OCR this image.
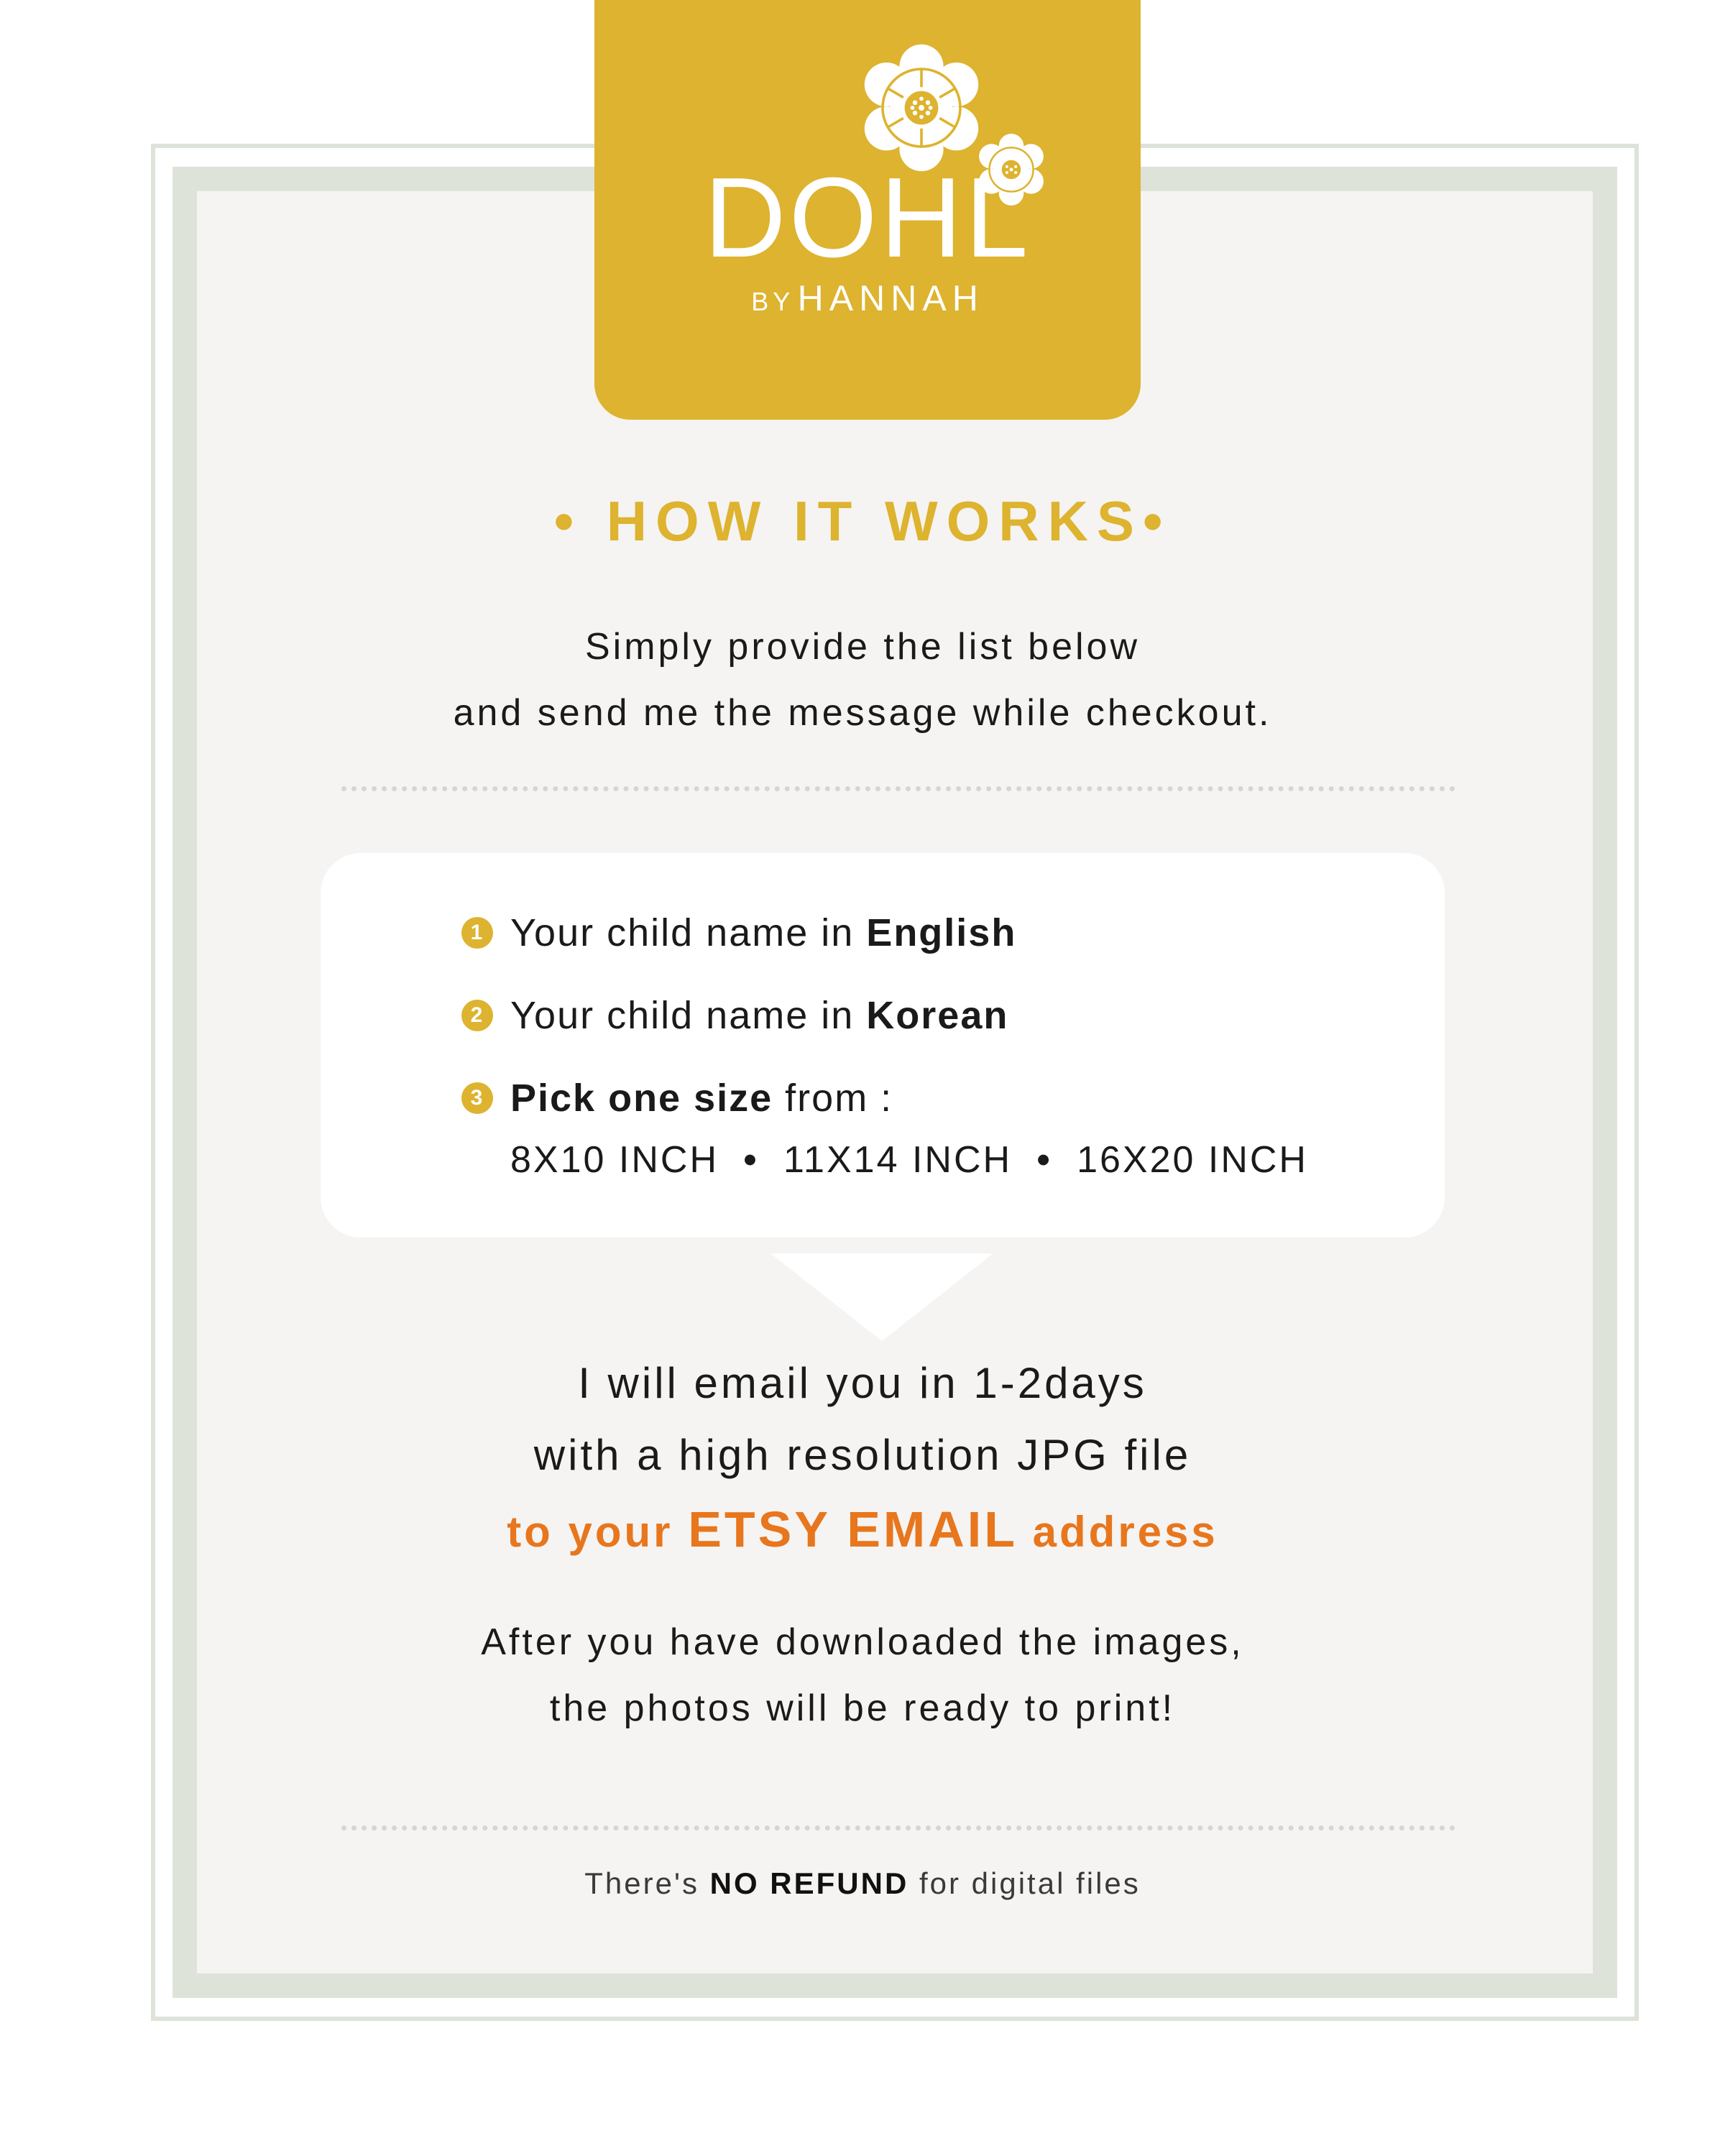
DOHL
BY HANNAH
• HOW IT WORKS•
Simply provide the list below
and send me the message while checkout.
1 Your child name in English
2 Your child name in Korean
3 Pick one size from :
8X10 INCH • 11X14 INCH • 16X20 INCH
I will email you in 1-2days
with a high resolution JPG file
to your ETSY EMAIL address
After you have downloaded the images,
the photos will be ready to print!
There's NO REFUND for digital files
